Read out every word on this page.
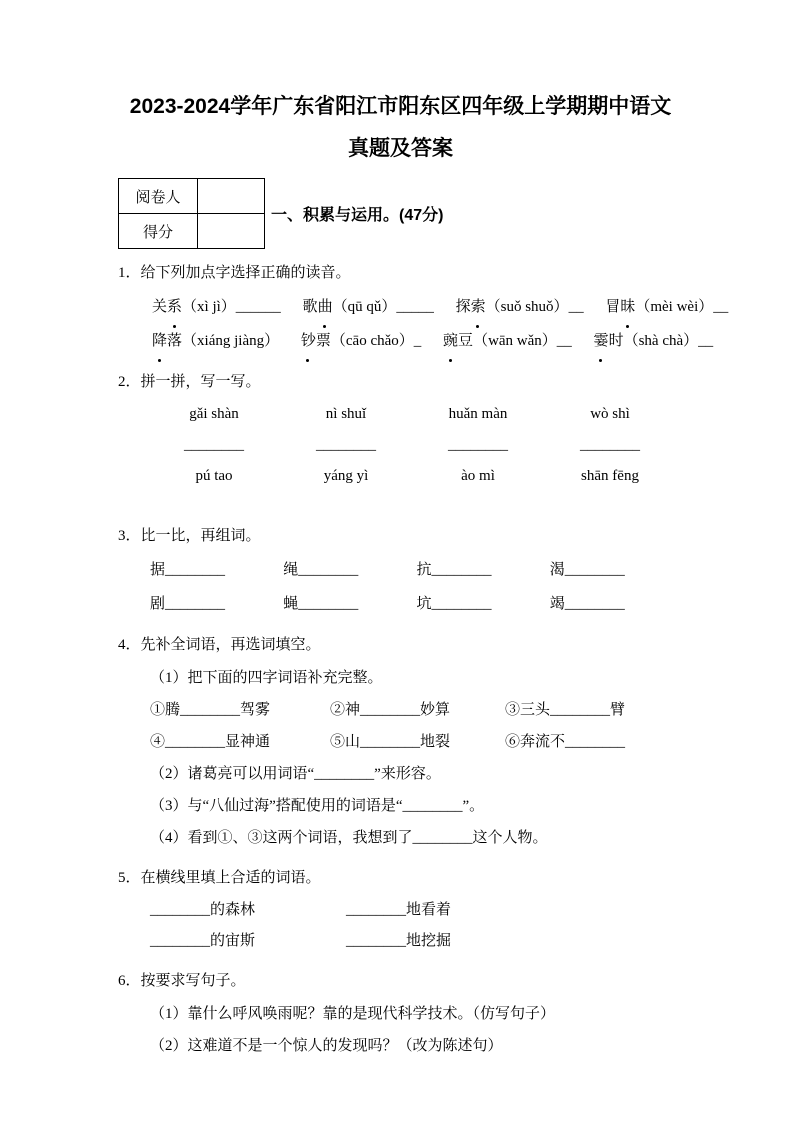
2023-2024学年广东省阳江市阳东区四年级上学期期中语文
真题及答案
阅卷人	
得分	
一、积累与运用。(47分)
1．给下列加点字选择正确的读音。
关系（xì jì）______ 歌曲（qū qǔ）_____ 探索（suǒ shuǒ）__ 冒昧（mèi wèi）__
降落（xiáng jiàng） 钞票（cāo chǎo）_ 豌豆（wān wǎn）__ 霎时（shà chà）__
2．拼一拼，写一写。
gǎi shàn	nì shuǐ	huǎn màn	wò shì
________	________	________	________
pú tao	yáng yì	ào mì	shān fēng
3．比一比，再组词。
据________	绳________	抗________	渴________
剧________	蝇________	坑________	竭________
4．先补全词语，再选词填空。
（1）把下面的四字词语补充完整。
①腾________驾雾	②神________妙算	③三头________臂
④________显神通	⑤山________地裂	⑥奔流不________
（2）诸葛亮可以用词语“________”来形容。
（3）与“八仙过海”搭配使用的词语是“________”。
（4）看到①、③这两个词语，我想到了________这个人物。
5．在横线里填上合适的词语。
________的森林	________地看着
________的宙斯	________地挖掘
6．按要求写句子。
（1）靠什么呼风唤雨呢？靠的是现代科学技术。（仿写句子）
（2）这难道不是一个惊人的发现吗？（改为陈述句）
